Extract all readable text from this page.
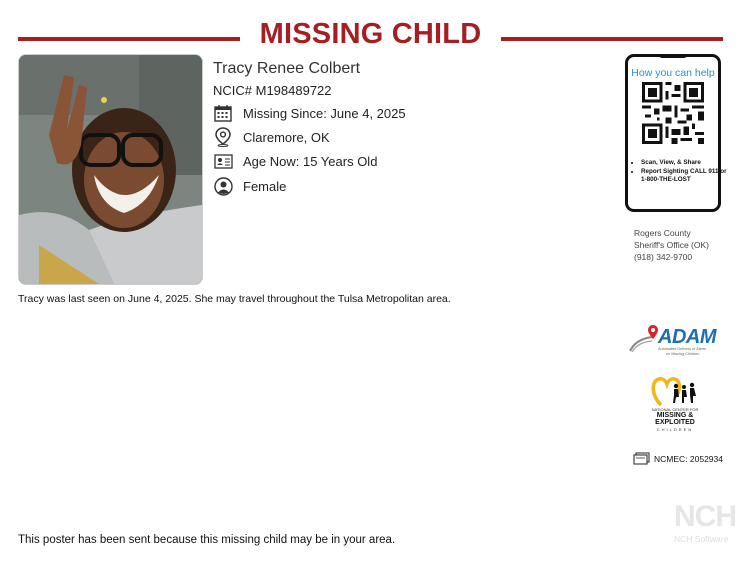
MISSING CHILD
Tracy Renee Colbert
NCIC# M198489722
Missing Since: June 4, 2025
Claremore, OK
Age Now: 15 Years Old
Female
How you can help
• Scan, View, & Share
• Report Sighting CALL 911 or 1-800-THE-LOST
Rogers County
Sheriff's Office (OK)
(918) 342-9700
Tracy was last seen on June 4, 2025. She may travel throughout the Tulsa Metropolitan area.
ADAM
Automated Delivery of Alerts
on Missing Children
NATIONAL CENTER FOR
MISSING &
EXPLOITED
CHILDREN
NCMEC: 2052934
NCH
NCH Software
This poster has been sent because this missing child may be in your area.
